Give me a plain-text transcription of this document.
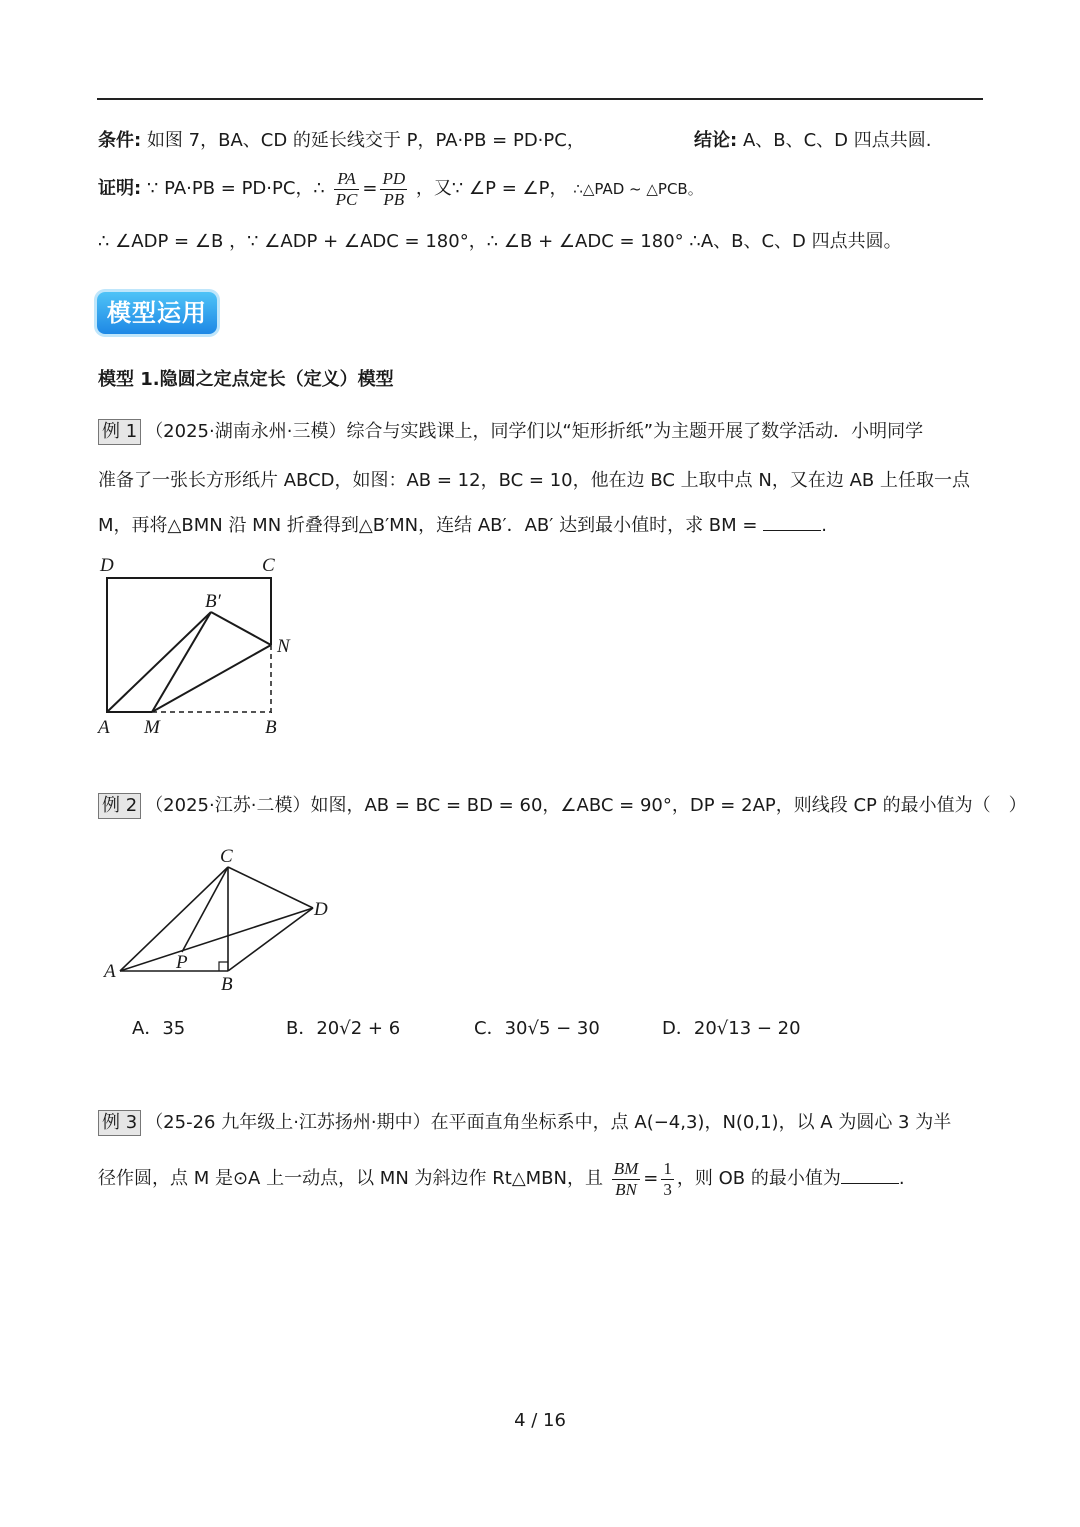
条件: 如图 7，BA、CD 的延长线交于 P，PA·PB = PD·PC，	结论: A、B、C、D 四点共圆.
证明: ∵ PA·PB = PD·PC，∴ $\frac{PA}{PC} = \frac{PD}{PB}$ ，又∵ ∠P = ∠P， ∴△PAD ~ △PCB。
∴ ∠ADP = ∠B ，∵ ∠ADP + ∠ADC = 180°，∴ ∠B + ∠ADC = 180° ∴A、B、C、D 四点共圆。
模型运用
模型 1.隐圆之定点定长（定义）模型
例 1 （2025·湖南永州·三模）综合与实践课上，同学们以“矩形折纸”为主题开展了数学活动．小明同学
准备了一张长方形纸片 ABCD，如图：AB = 12，BC = 10，他在边 BC 上取中点 N，又在边 AB 上任取一点
M，再将△BMN 沿 MN 折叠得到△B′MN，连结 AB′．AB′ 达到最小值时，求 BM =	.
D	C
B′
N
A M	B
例 2 （2025·江苏·二模）如图，AB = BC = BD = 60，∠ABC = 90°，DP = 2AP，则线段 CP 的最小值为（　）
C
D
A	P
B
A．35	B．20√2 + 6	C．30√5 − 30	D．20√13 − 20
例 3 （25-26 九年级上·江苏扬州·期中）在平面直角坐标系中，点 A(−4,3)，N(0,1)，以 A 为圆心 3 为半
径作圆，点 M 是⊙A 上一动点，以 MN 为斜边作 Rt△MBN，且 $\frac{BM}{BN} = \frac{1}{3}$ ，则 OB 的最小值为	.
4 / 16
